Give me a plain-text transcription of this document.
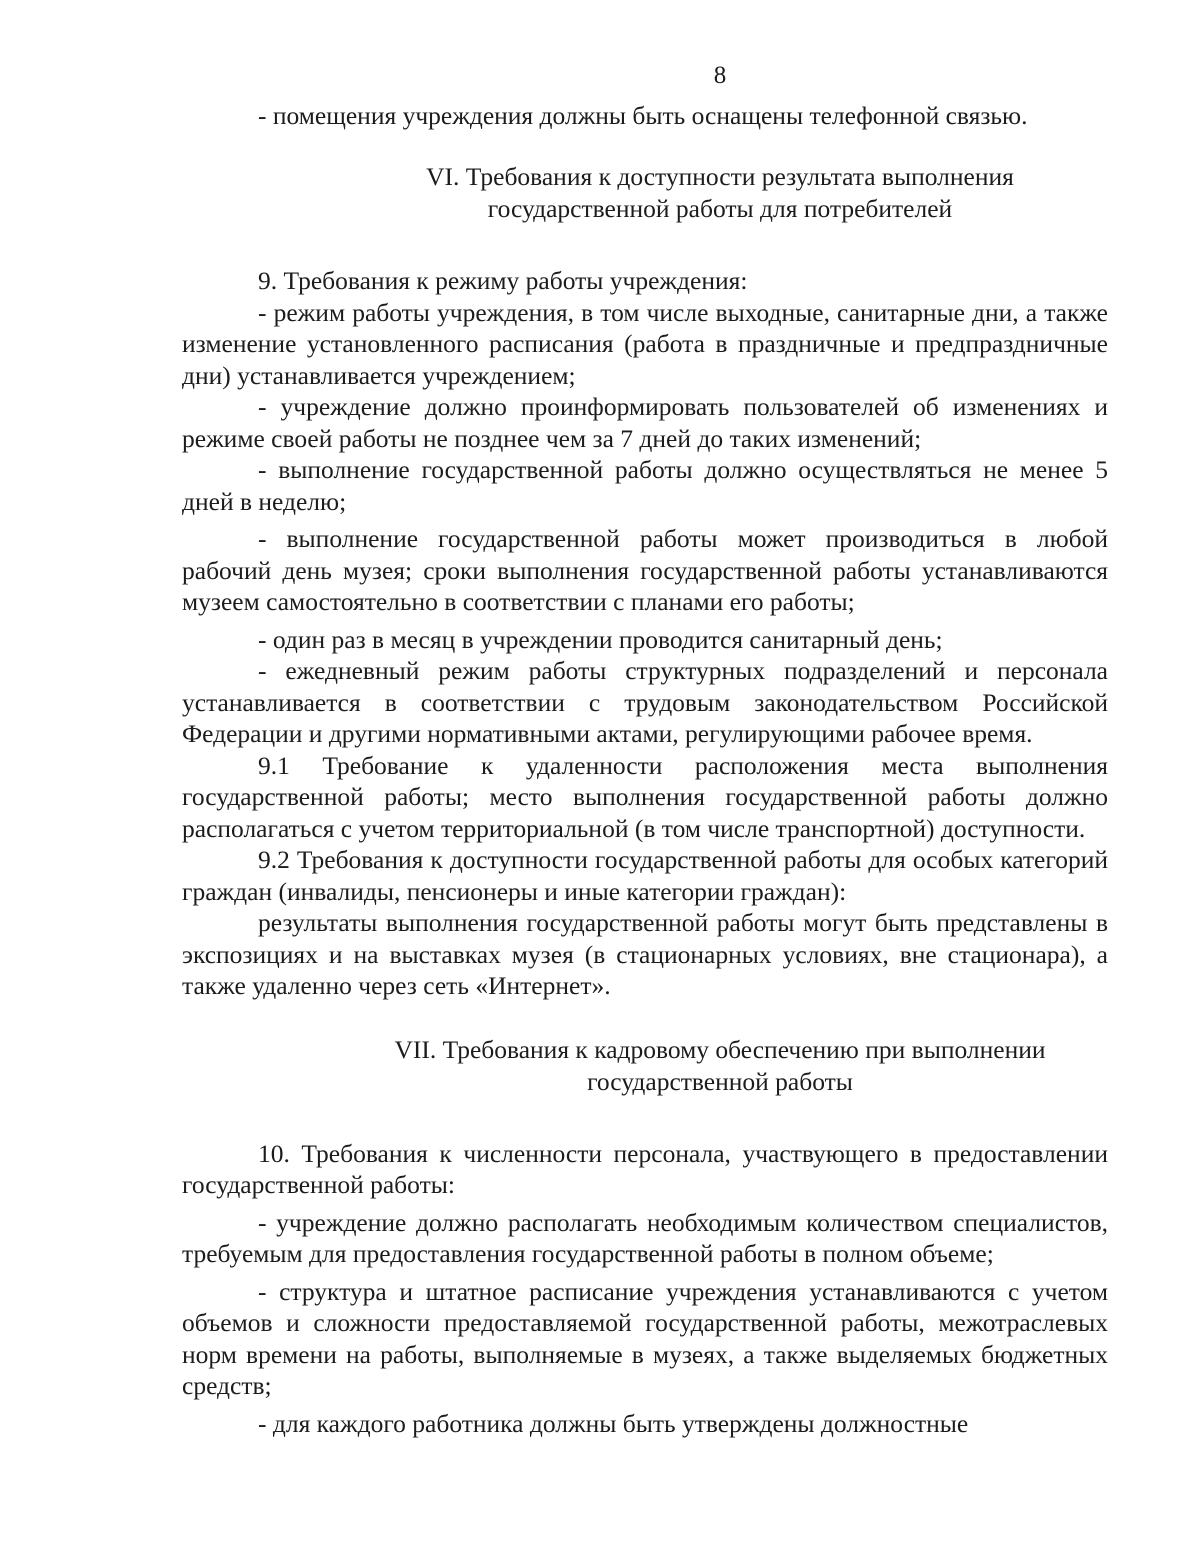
8

- помещения учреждения должны быть оснащены телефонной связью.

VI. Требования к доступности результата выполнения
государственной работы для потребителей

9. Требования к режиму работы учреждения:

- режим работы учреждения, в том числе выходные, санитарные дни, а также изменение установленного расписания (работа в праздничные и предпраздничные дни) устанавливается учреждением;

- учреждение должно проинформировать пользователей об изменениях и режиме своей работы не позднее чем за 7 дней до таких изменений;

- выполнение государственной работы должно осуществляться не менее 5 дней в неделю;

- выполнение государственной работы может производиться в любой рабочий день музея; сроки выполнения государственной работы устанавливаются музеем самостоятельно в соответствии с планами его работы;

- один раз в месяц в учреждении проводится санитарный день;

- ежедневный режим работы структурных подразделений и персонала устанавливается в соответствии с трудовым законодательством Российской Федерации и другими нормативными актами, регулирующими рабочее время.

9.1 Требование к удаленности расположения места выполнения государственной работы; место выполнения государственной работы должно располагаться с учетом территориальной (в том числе транспортной) доступности.

9.2 Требования к доступности государственной работы для особых категорий граждан (инвалиды, пенсионеры и иные категории граждан):

результаты выполнения государственной работы могут быть представлены в экспозициях и на выставках музея (в стационарных условиях, вне стационара), а также удаленно через сеть «Интернет».

VII. Требования к кадровому обеспечению при выполнении
государственной работы

10. Требования к численности персонала, участвующего в предоставлении государственной работы:

- учреждение должно располагать необходимым количеством специалистов, требуемым для предоставления государственной работы в полном объеме;

- структура и штатное расписание учреждения устанавливаются с учетом объемов и сложности предоставляемой государственной работы, межотраслевых норм времени на работы, выполняемые в музеях, а также выделяемых бюджетных средств;

- для каждого работника должны быть утверждены должностные
